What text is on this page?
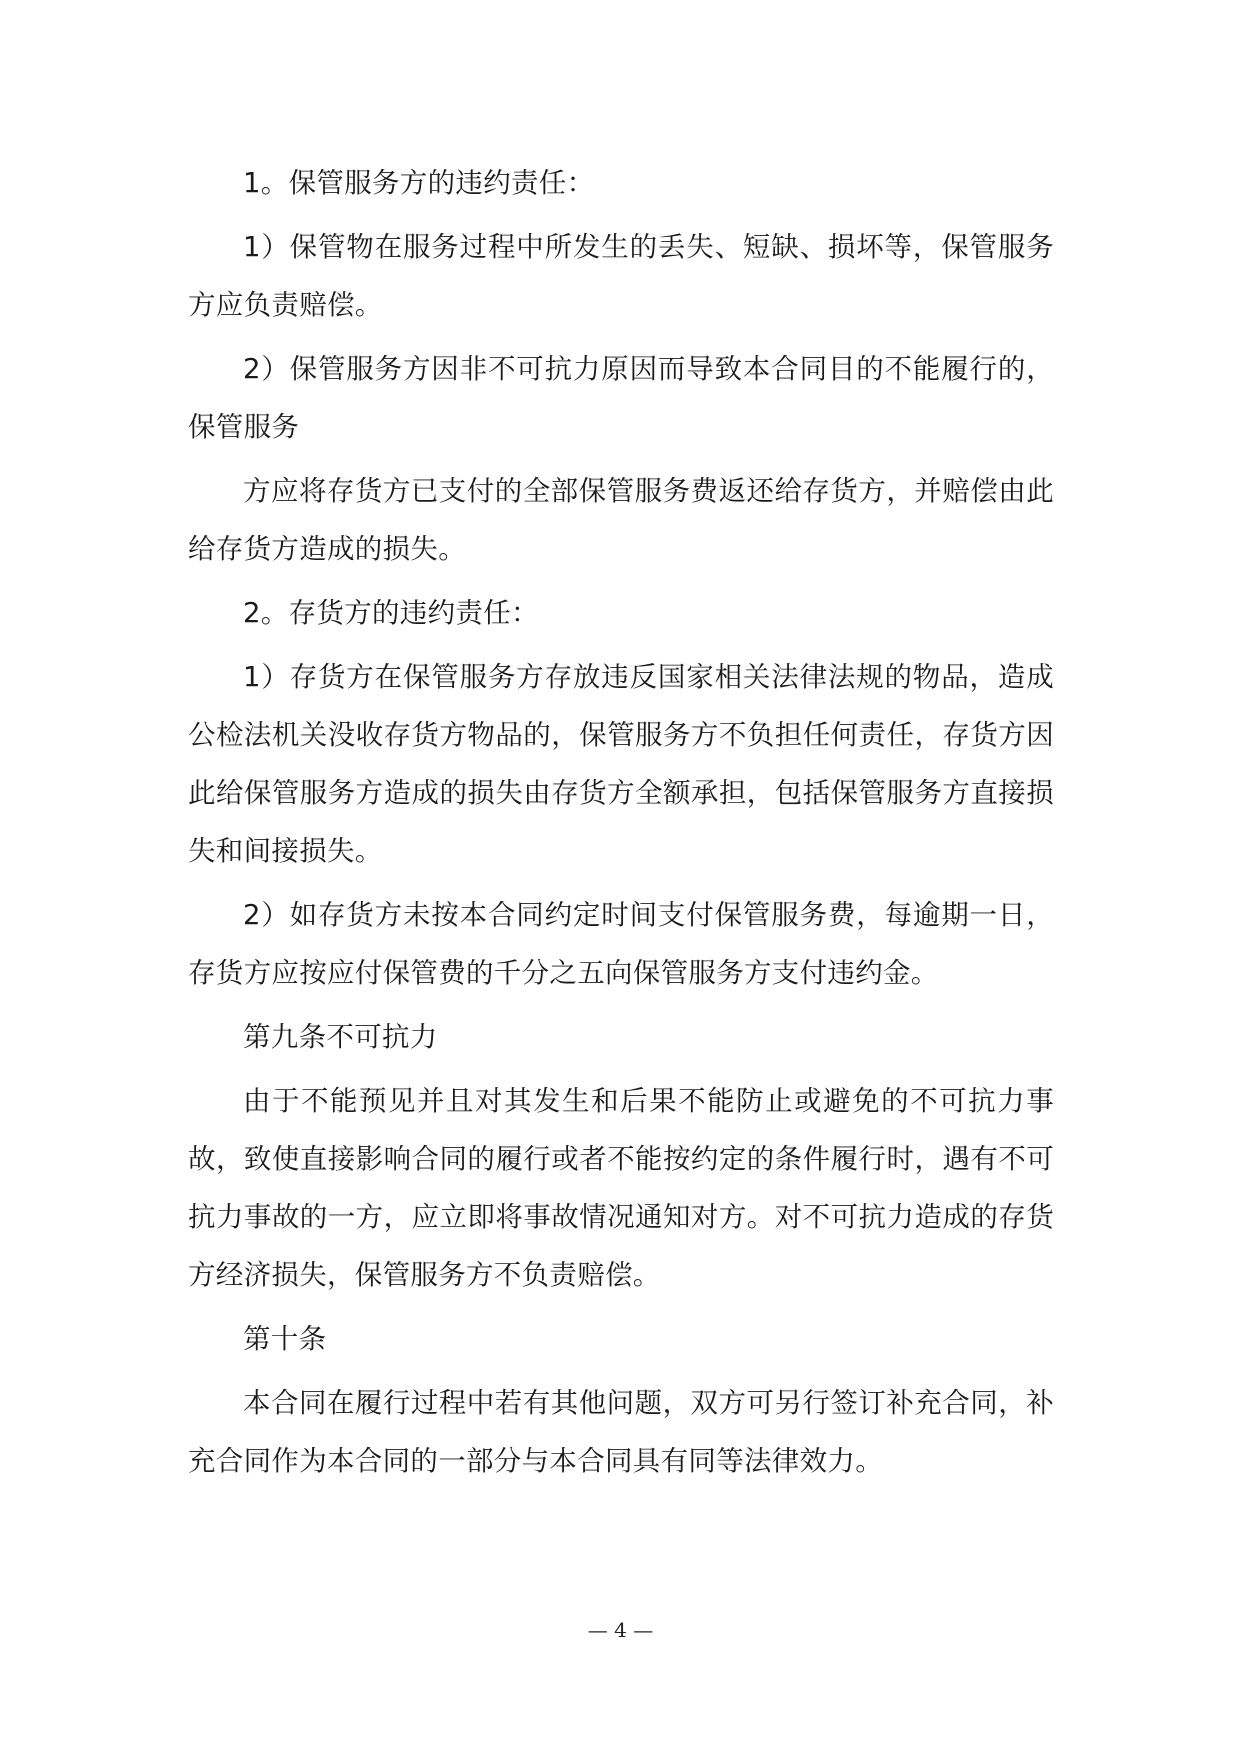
1。保管服务方的违约责任：

1）保管物在服务过程中所发生的丢失、短缺、损坏等，保管服务方应负责赔偿。

2）保管服务方因非不可抗力原因而导致本合同目的不能履行的，保管服务

方应将存货方已支付的全部保管服务费返还给存货方，并赔偿由此给存货方造成的损失。

2。存货方的违约责任：

1）存货方在保管服务方存放违反国家相关法律法规的物品，造成公检法机关没收存货方物品的，保管服务方不负担任何责任，存货方因此给保管服务方造成的损失由存货方全额承担，包括保管服务方直接损失和间接损失。

2）如存货方未按本合同约定时间支付保管服务费，每逾期一日，存货方应按应付保管费的千分之五向保管服务方支付违约金。

第九条不可抗力

由于不能预见并且对其发生和后果不能防止或避免的不可抗力事故，致使直接影响合同的履行或者不能按约定的条件履行时，遇有不可抗力事故的一方，应立即将事故情况通知对方。对不可抗力造成的存货方经济损失，保管服务方不负责赔偿。

第十条

本合同在履行过程中若有其他问题，双方可另行签订补充合同，补充合同作为本合同的一部分与本合同具有同等法律效力。

— 4 —
